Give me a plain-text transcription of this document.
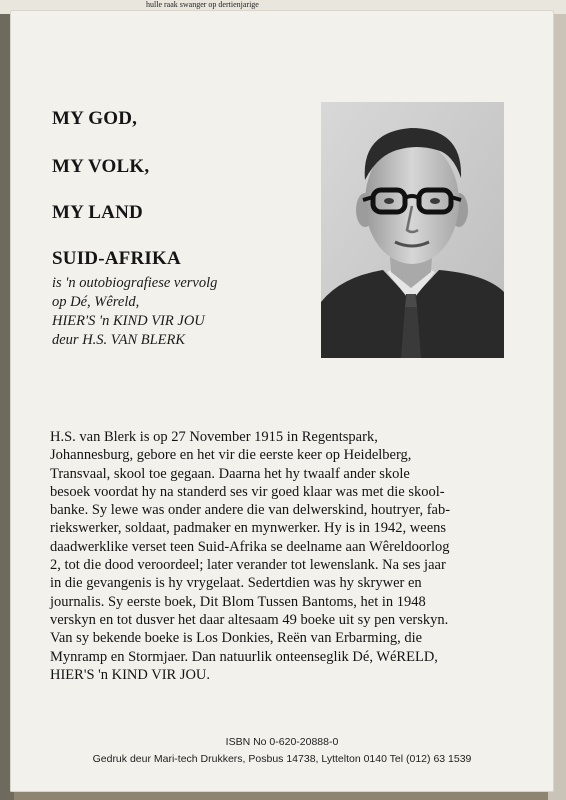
hulle raak swanger op dertienjarige
MY GOD,
MY VOLK,
MY LAND
SUID-AFRIKA
is 'n outobiografiese vervolg
op Dé, Wêreld,
HIER'S 'n KIND VIR JOU
deur H.S. VAN BLERK
H.S. van Blerk is op 27 November 1915 in Regentspark,
Johannesburg, gebore en het vir die eerste keer op Heidelberg,
Transvaal, skool toe gegaan. Daarna het hy twaalf ander skole
besoek voordat hy na standerd ses vir goed klaar was met die skool-
banke. Sy lewe was onder andere die van delwerskind, houtryer, fab-
riekswerker, soldaat, padmaker en mynwerker. Hy is in 1942, weens
daadwerklike verset teen Suid-Afrika se deelname aan Wêreldoorlog
2, tot die dood veroordeel; later verander tot lewenslank. Na ses jaar
in die gevangenis is hy vrygelaat. Sedertdien was hy skrywer en
journalis. Sy eerste boek, Dit Blom Tussen Bantoms, het in 1948
verskyn en tot dusver het daar altesaam 49 boeke uit sy pen verskyn.
Van sy bekende boeke is Los Donkies, Reën van Erbarming, die
Mynramp en Stormjaer. Dan natuurlik onteenseglik Dé, WéRELD,
HIER'S 'n KIND VIR JOU.
ISBN No 0-620-20888-0
Gedruk deur Mari-tech Drukkers, Posbus 14738, Lyttelton 0140 Tel (012) 63 1539
